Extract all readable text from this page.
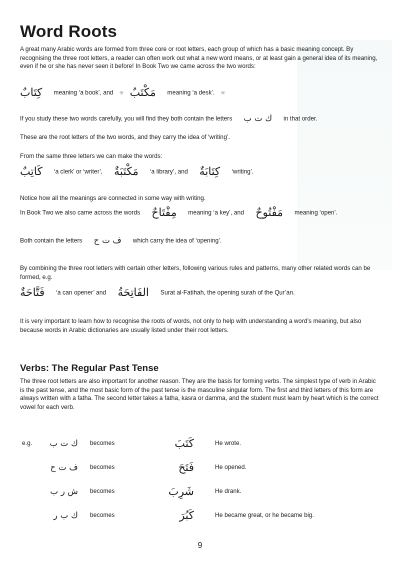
Word Roots

A great many Arabic words are formed from three core or root letters, each group of which has a basic meaning concept. By recognising the three root letters, a reader can often work out what a new word means, or at least gain a general idea of its meaning, even if he or she has never seen it before! In Book Two we came across the two words:

كِتَابٌ meaning ‘a book’, and ✳ مَكْتَبٌ meaning ‘a desk’. ✳
If you study these two words carefully, you will find they both contain the letters ك ت ب in that order.

These are the root letters of the two words, and they carry the idea of ‘writing’.

From the same three letters we can make the words:

كَاتِبٌ ‘a clerk’ or ‘writer’, مَكْتَبَةٌ ‘a library’, and كِتَابَةٌ ‘writing’.

Notice how all the meanings are connected in some way with writing.

In Book Two we also came across the words مِفْتَاحٌ meaning ‘a key’, and مَفْتُوحٌ meaning ‘open’.
Both contain the letters ف ت ح which carry the idea of ‘opening’.

By combining the three root letters with certain other letters, following various rules and patterns, many other related words can be formed, e.g.

فَتَّاحَةٌ ‘a can opener’ and الفَاتِحَةُ Surat al-Fatihah, the opening surah of the Qur’an.

It is very important to learn how to recognise the roots of words, not only to help with understanding a word’s meaning, but also because words in Arabic dictionaries are usually listed under their root letters.

Verbs: The Regular Past Tense

The three root letters are also important for another reason. They are the basis for forming verbs. The simplest type of verb in Arabic is the past tense, and the most basic form of the past tense is the masculine singular form. The first and third letters of this form are always written with a fatha. The second letter takes a fatha, kasra or damma, and the student must learn by heart which is the correct vowel for each verb.

e.g.	ك ت ب becomes	كَتَبَ	He wrote.
ف ت ح becomes	فَتَحَ	He opened.
ش ر ب becomes	شَرِبَ	He drank.
ك ب ر becomes	كَبُرَ	He became great, or he became big.
9
